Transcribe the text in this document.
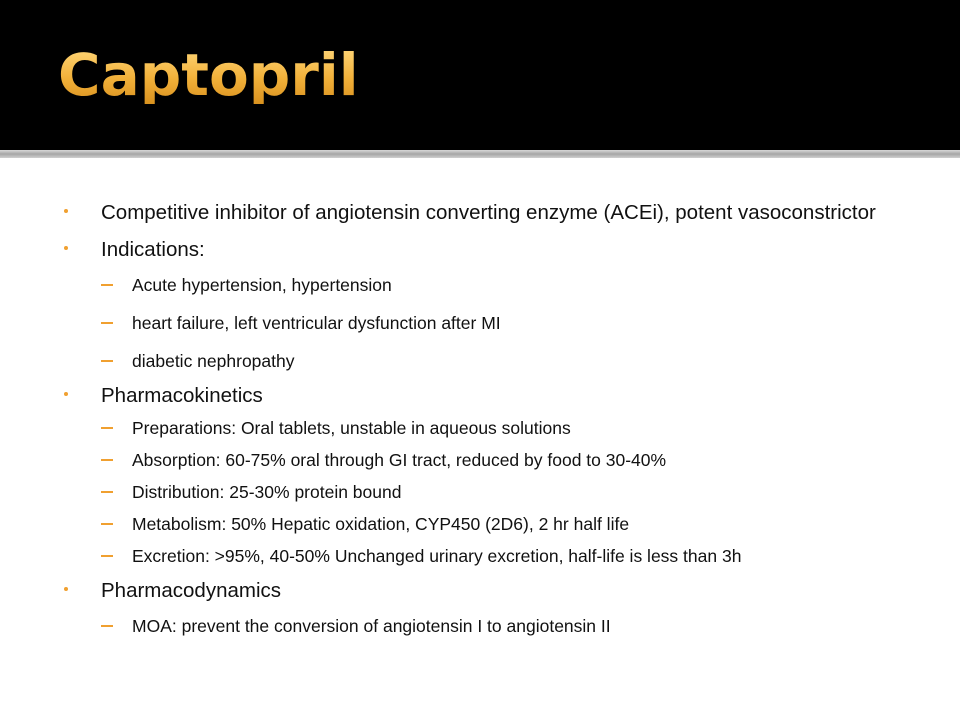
Captopril
Competitive inhibitor of angiotensin converting enzyme (ACEi), potent vasoconstrictor
Indications:
Acute hypertension, hypertension
heart failure, left ventricular dysfunction after MI
diabetic nephropathy
Pharmacokinetics
Preparations: Oral tablets, unstable in aqueous solutions
Absorption: 60-75% oral through GI tract, reduced by food to 30-40%
Distribution: 25-30% protein bound
Metabolism: 50% Hepatic oxidation, CYP450 (2D6), 2 hr half life
Excretion: >95%, 40-50% Unchanged urinary excretion, half-life is less than 3h
Pharmacodynamics
MOA: prevent the conversion of angiotensin I to angiotensin II
